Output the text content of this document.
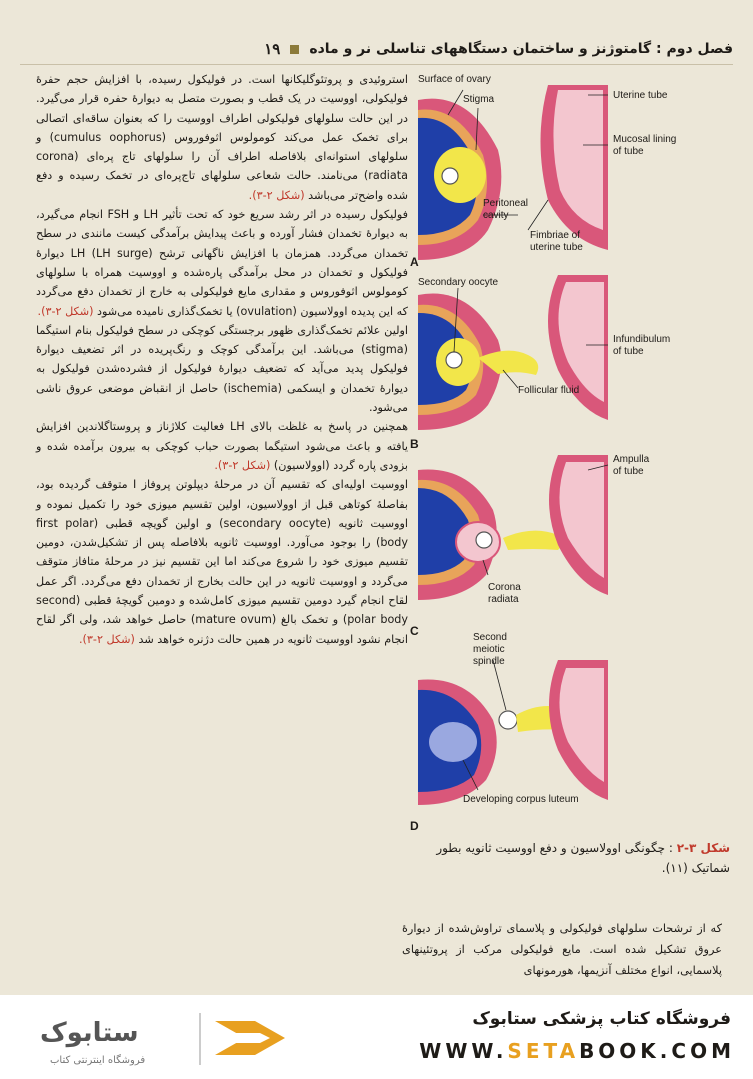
فصل دوم : گامتوژنز و ساختمان دستگاههای تناسلی نر و ماده
۱۹

استروئیدی و پروتئوگلیکانها است. در فولیکول رسیده، با افزایش حجم حفرهٔ فولیکولی، اووسیت در یک قطب و بصورت متصل به دیوارهٔ حفره قرار می‌گیرد. در این حالت سلولهای فولیکولی اطراف اووسیت را که بعنوان ساقه‌ای اتصالی برای تخمک عمل می‌کند کومولوس اثوفوروس (cumulus oophorus) و سلولهای استوانه‌ای بلافاصله اطراف آن را سلولهای تاج پره‌ای (corona radiata) می‌نامند. حالت شعاعی سلولهای تاج‌پره‌ای در تخمک رسیده و دفع شده واضح‌تر می‌باشد (شکل ۲-۳).

فولیکول رسیده در اثر رشد سریع خود که تحت تأثیر LH و FSH انجام می‌گیرد، به دیوارهٔ تخمدان فشار آورده و باعث پیدایش برآمدگی کیست مانندی در سطح تخمدان می‌گردد. همزمان با افزایش ناگهانی ترشح LH (LH surge) دیوارهٔ فولیکول و تخمدان در محل برآمدگی پاره‌شده و اووسیت همراه با سلولهای کومولوس اثوفوروس و مقداری مایع فولیکولی به خارج از تخمدان دفع می‌گردد که این پدیده اوولاسیون (ovulation) یا تخمک‌گذاری نامیده می‌شود (شکل ۲-۳).

اولین علائم تخمک‌گذاری ظهور برجستگی کوچکی در سطح فولیکول بنام استیگما (stigma) می‌باشد. این برآمدگی کوچک و رنگ‌پریده در اثر تضعیف دیوارهٔ فولیکول پدید می‌آید که تضعیف دیوارهٔ فولیکول از فشرده‌شدن فولیکول به دیوارهٔ تخمدان و ایسکمی (ischemia) حاصل از انقباض موضعی عروق ناشی می‌شود.

همچنین در پاسخ به غلظت بالای LH فعالیت کلاژناز و پروستاگلاندین افزایش یافته و باعث می‌شود استیگما بصورت حباب کوچکی به بیرون برآمده شده و بزودی پاره گردد (اوولاسیون) (شکل ۲-۳).

اووسیت اولیه‌ای که تقسیم آن در مرحلهٔ دیپلوتن پروفاز I متوقف گردیده بود، بفاصلهٔ کوتاهی قبل از اوولاسیون، اولین تقسیم میوزی خود را تکمیل نموده و اووسیت ثانویه (secondary oocyte) و اولین گویچه قطبی (first polar body) را بوجود می‌آورد. اووسیت ثانویه بلافاصله پس از تشکیل‌شدن، دومین تقسیم میوزی خود را شروع می‌کند اما این تقسیم نیز در مرحلهٔ متافاز متوقف می‌گردد و اووسیت ثانویه در این حالت بخارج از تخمدان دفع می‌گردد. اگر عمل لقاح انجام گیرد دومین تقسیم میوزی کامل‌شده و دومین گویچهٔ قطبی (second polar body) و تخمک بالغ (mature ovum) حاصل خواهد شد، ولی اگر لقاح انجام نشود اووسیت ثانویه در همین حالت دژنره خواهد شد (شکل ۲-۳).

Surface of ovary
Stigma	Uterine tube
Mucosal lining
of tube
Peritoneal
cavity
Fimbriae of
uterine tube
Secondary oocyte
Infundibulum
of tube
Follicular fluid
Ampulla
of tube
Corona
radiata
Second
meiotic
spindle
Developing corpus luteum
A
B
C
D
شکل ۳-۲ : چگونگی اوولاسیون و دفع اووسیت ثانویه بطور شماتیک (۱۱).
که از ترشحات سلولهای فولیکولی و پلاسمای تراوش‌شده از دیوارهٔ عروق تشکیل شده است. مایع فولیکولی مرکب از پروتئینهای پلاسمایی، انواع مختلف آنزیمها، هورمونهای
ستابوک
فروشگاه اینترنتی کتاب
فروشگاه کتاب پزشکی ستابوک
WWW.SETABOOK.COM
